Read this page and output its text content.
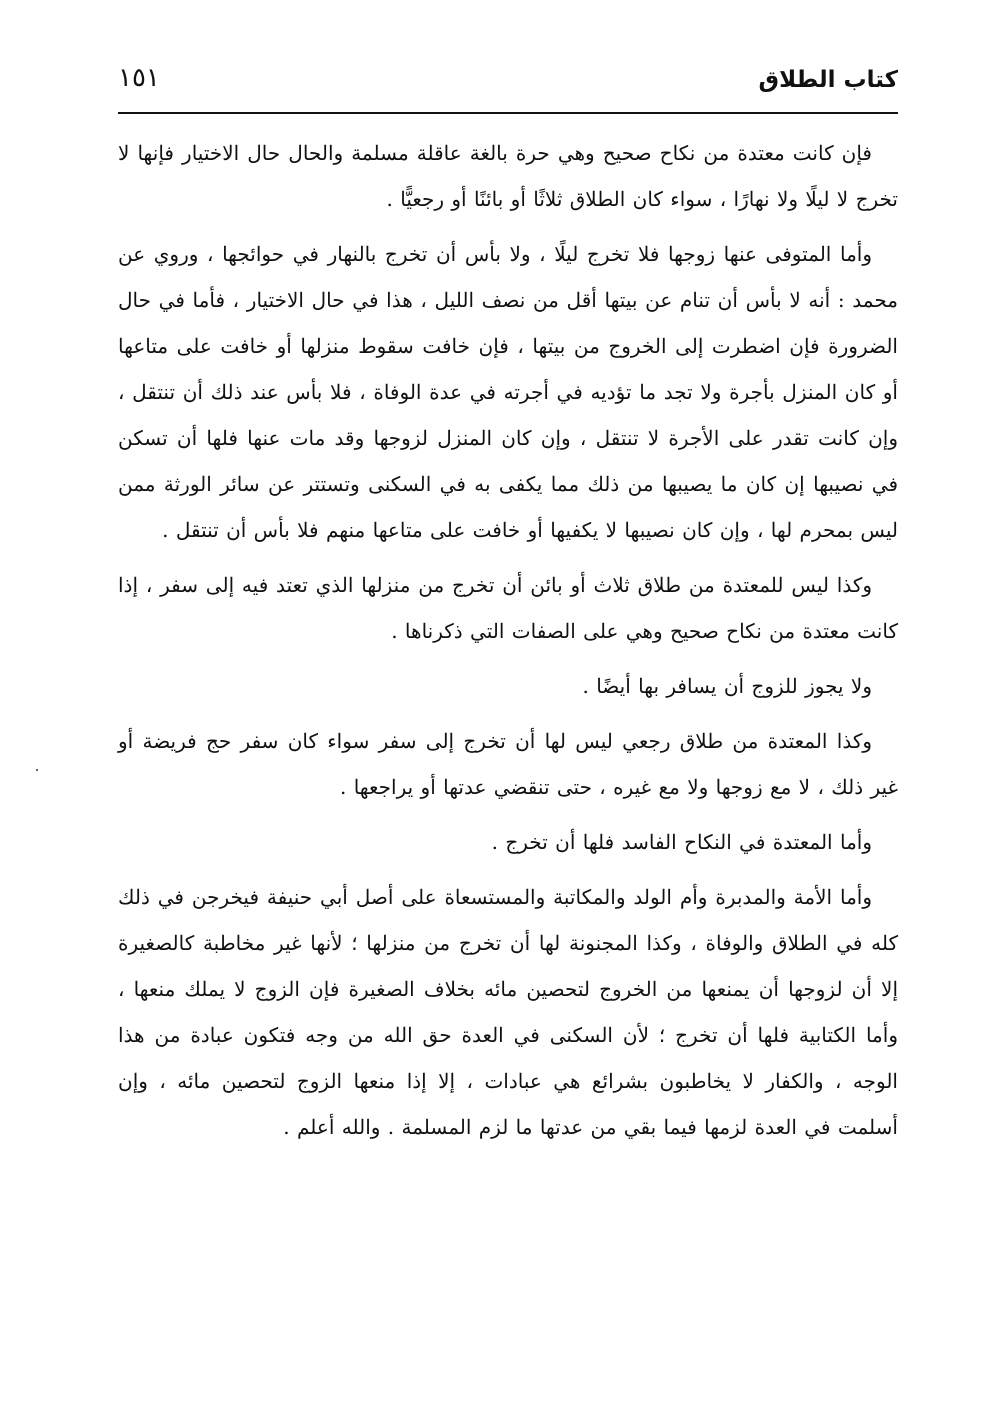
كتاب الطلاق
١٥١

فإن كانت معتدة من نكاح صحيح وهي حرة بالغة عاقلة مسلمة والحال حال الاختيار فإنها لا تخرج لا ليلًا ولا نهارًا ، سواء كان الطلاق ثلاثًا أو بائنًا أو رجعيًّا .

وأما المتوفى عنها زوجها فلا تخرج ليلًا ، ولا بأس أن تخرج بالنهار في حوائجها ، وروي عن محمد : أنه لا بأس أن تنام عن بيتها أقل من نصف الليل ، هذا في حال الاختيار ، فأما في حال الضرورة فإن اضطرت إلى الخروج من بيتها ، فإن خافت سقوط منزلها أو خافت على متاعها أو كان المنزل بأجرة ولا تجد ما تؤديه في أجرته في عدة الوفاة ، فلا بأس عند ذلك أن تنتقل ، وإن كانت تقدر على الأجرة لا تنتقل ، وإن كان المنزل لزوجها وقد مات عنها فلها أن تسكن في نصيبها إن كان ما يصيبها من ذلك مما يكفى به في السكنى وتستتر عن سائر الورثة ممن ليس بمحرم لها ، وإن كان نصيبها لا يكفيها أو خافت على متاعها منهم فلا بأس أن تنتقل .

وكذا ليس للمعتدة من طلاق ثلاث أو بائن أن تخرج من منزلها الذي تعتد فيه إلى سفر ، إذا كانت معتدة من نكاح صحيح وهي على الصفات التي ذكرناها .

ولا يجوز للزوج أن يسافر بها أيضًا .

وكذا المعتدة من طلاق رجعي ليس لها أن تخرج إلى سفر سواء كان سفر حج فريضة أو غير ذلك ، لا مع زوجها ولا مع غيره ، حتى تنقضي عدتها أو يراجعها .

وأما المعتدة في النكاح الفاسد فلها أن تخرج .

وأما الأمة والمدبرة وأم الولد والمكاتبة والمستسعاة على أصل أبي حنيفة فيخرجن في ذلك كله في الطلاق والوفاة ، وكذا المجنونة لها أن تخرج من منزلها ؛ لأنها غير مخاطبة كالصغيرة إلا أن لزوجها أن يمنعها من الخروج لتحصين مائه بخلاف الصغيرة فإن الزوج لا يملك منعها ، وأما الكتابية فلها أن تخرج ؛ لأن السكنى في العدة حق الله من وجه فتكون عبادة من هذا الوجه ، والكفار لا يخاطبون بشرائع هي عبادات ، إلا إذا منعها الزوج لتحصين مائه ، وإن أسلمت في العدة لزمها فيما بقي من عدتها ما لزم المسلمة . والله أعلم .
